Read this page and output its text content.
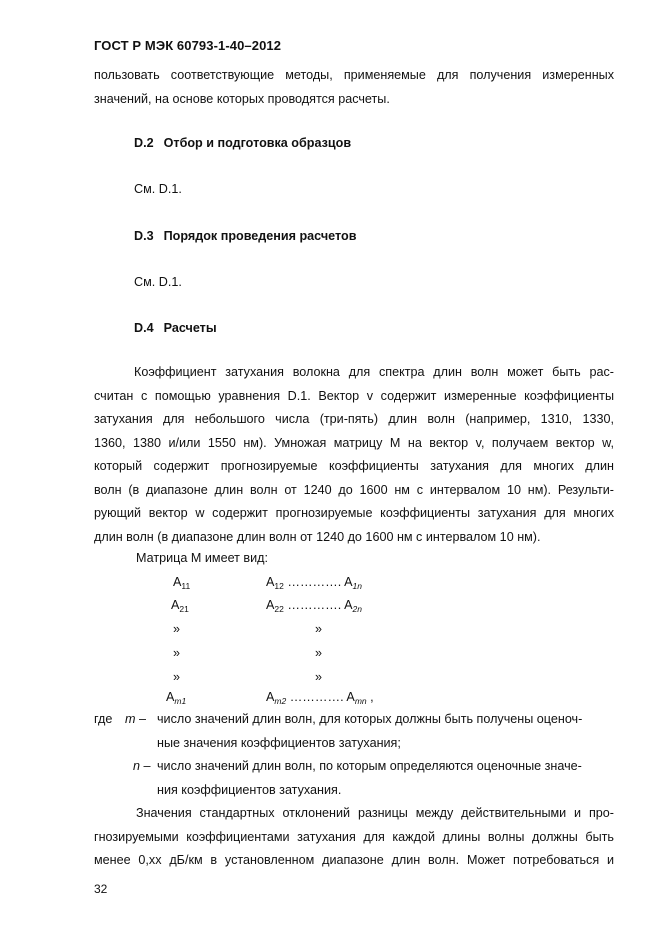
ГОСТ Р МЭК 60793-1-40–2012
пользовать соответствующие методы, применяемые для получения измеренных
значений, на основе которых проводятся расчеты.
D.2 Отбор и подготовка образцов
См. D.1.
D.3 Порядок проведения расчетов
См. D.1.
D.4 Расчеты
Коэффициент затухания волокна для спектра длин волн может быть рас-
считан с помощью уравнения D.1. Вектор v содержит измеренные коэффициенты
затухания для небольшого числа (три-пять) длин волн (например, 1310, 1330,
1360, 1380 и/или 1550 нм). Умножая матрицу M на вектор v, получаем вектор w,
который содержит прогнозируемые коэффициенты затухания для многих длин
волн (в диапазоне длин волн от 1240 до 1600 нм с интервалом 10 нм). Результи-
рующий вектор w содержит прогнозируемые коэффициенты затухания для многих
длин волн (в диапазоне длин волн от 1240 до 1600 нм с интервалом 10 нм).
Матрица М имеет вид:
$A_{11}$	$A_{12}$ …………. $A_{1n}$
$A_{21}$	$A_{22}$ …………. $A_{2n}$
»	»
»	»
»	»
$A_{m1}$	$A_{m2}$ …………. $A_{mn}$ ,
где m – число значений длин волн, для которых должны быть получены оценоч-
ные значения коэффициентов затухания;
n – число значений длин волн, по которым определяются оценочные значе-
ния коэффициентов затухания.
Значения стандартных отклонений разницы между действительными и про-
гнозируемыми коэффициентами затухания для каждой длины волны должны быть
менее 0,xx дБ/км в установленном диапазоне длин волн. Может потребоваться и
32
